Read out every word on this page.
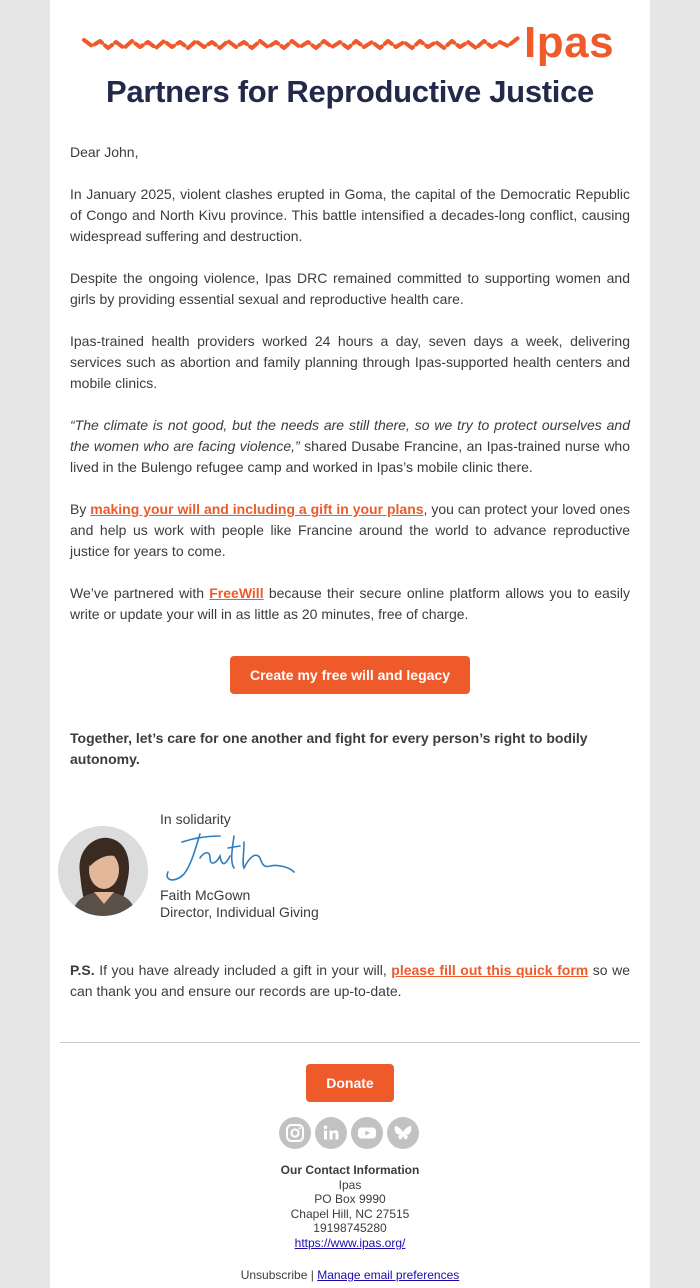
Ipas
Partners for Reproductive Justice

Dear John,

In January 2025, violent clashes erupted in Goma, the capital of the Democratic Republic of Congo and North Kivu province. This battle intensified a decades-long conflict, causing widespread suffering and destruction.

Despite the ongoing violence, Ipas DRC remained committed to supporting women and girls by providing essential sexual and reproductive health care.

Ipas-trained health providers worked 24 hours a day, seven days a week, delivering services such as abortion and family planning through Ipas-supported health centers and mobile clinics.

“The climate is not good, but the needs are still there, so we try to protect ourselves and the women who are facing violence,” shared Dusabe Francine, an Ipas-trained nurse who lived in the Bulengo refugee camp and worked in Ipas’s mobile clinic there.

By making your will and including a gift in your plans, you can protect your loved ones and help us work with people like Francine around the world to advance reproductive justice for years to come.

We’ve partnered with FreeWill because their secure online platform allows you to easily write or update your will in as little as 20 minutes, free of charge.

Create my free will and legacy
Together, let’s care for one another and fight for every person’s right to bodily autonomy.
In solidarity
Faith McGown
Director, Individual Giving
P.S. If you have already included a gift in your will, please fill out this quick form so we can thank you and ensure our records are up-to-date.
Donate
Our Contact Information
Ipas
PO Box 9990
Chapel Hill, NC 27515
19198745280
https://www.ipas.org/
Unsubscribe | Manage email preferences
